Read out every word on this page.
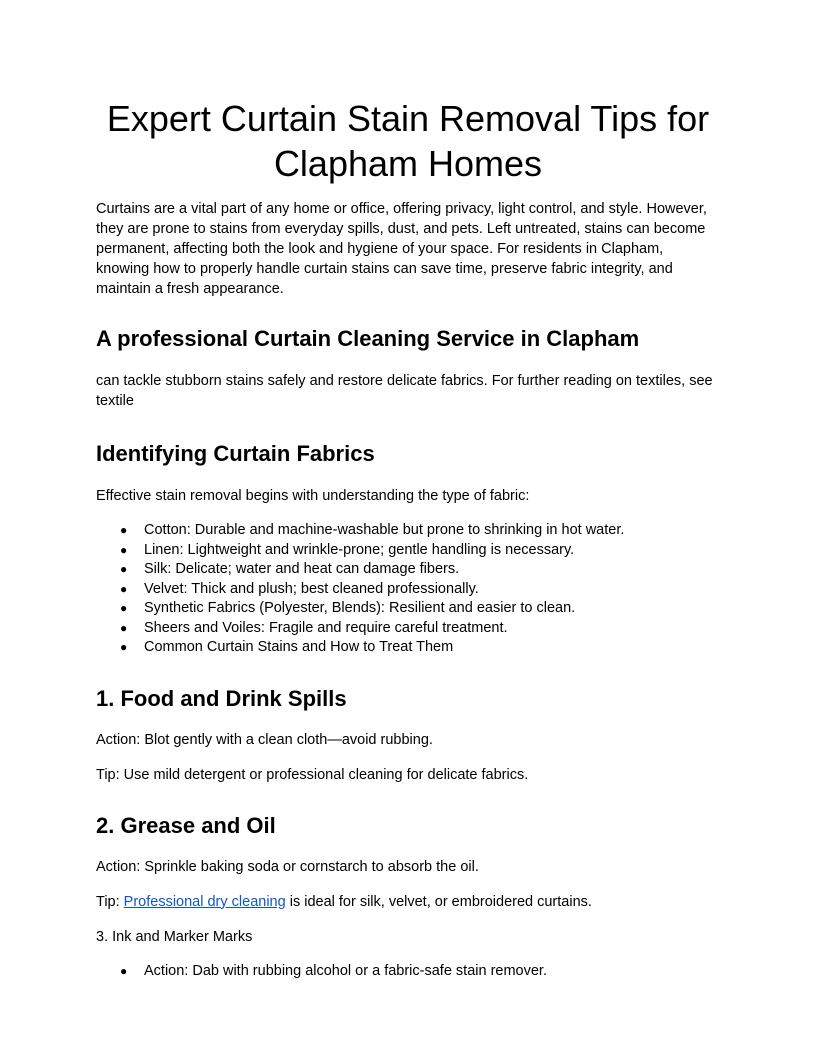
Expert Curtain Stain Removal Tips for Clapham Homes

Curtains are a vital part of any home or office, offering privacy, light control, and style. However, they are prone to stains from everyday spills, dust, and pets. Left untreated, stains can become permanent, affecting both the look and hygiene of your space. For residents in Clapham, knowing how to properly handle curtain stains can save time, preserve fabric integrity, and maintain a fresh appearance.

A professional Curtain Cleaning Service in Clapham

can tackle stubborn stains safely and restore delicate fabrics. For further reading on textiles, see textile

Identifying Curtain Fabrics

Effective stain removal begins with understanding the type of fabric:

● Cotton: Durable and machine-washable but prone to shrinking in hot water.
● Linen: Lightweight and wrinkle-prone; gentle handling is necessary.
● Silk: Delicate; water and heat can damage fibers.
● Velvet: Thick and plush; best cleaned professionally.
● Synthetic Fabrics (Polyester, Blends): Resilient and easier to clean.
● Sheers and Voiles: Fragile and require careful treatment.
● Common Curtain Stains and How to Treat Them
1. Food and Drink Spills

Action: Blot gently with a clean cloth—avoid rubbing.

Tip: Use mild detergent or professional cleaning for delicate fabrics.

2. Grease and Oil

Action: Sprinkle baking soda or cornstarch to absorb the oil.

Tip: Professional dry cleaning is ideal for silk, velvet, or embroidered curtains.

3. Ink and Marker Marks

● Action: Dab with rubbing alcohol or a fabric-safe stain remover.
